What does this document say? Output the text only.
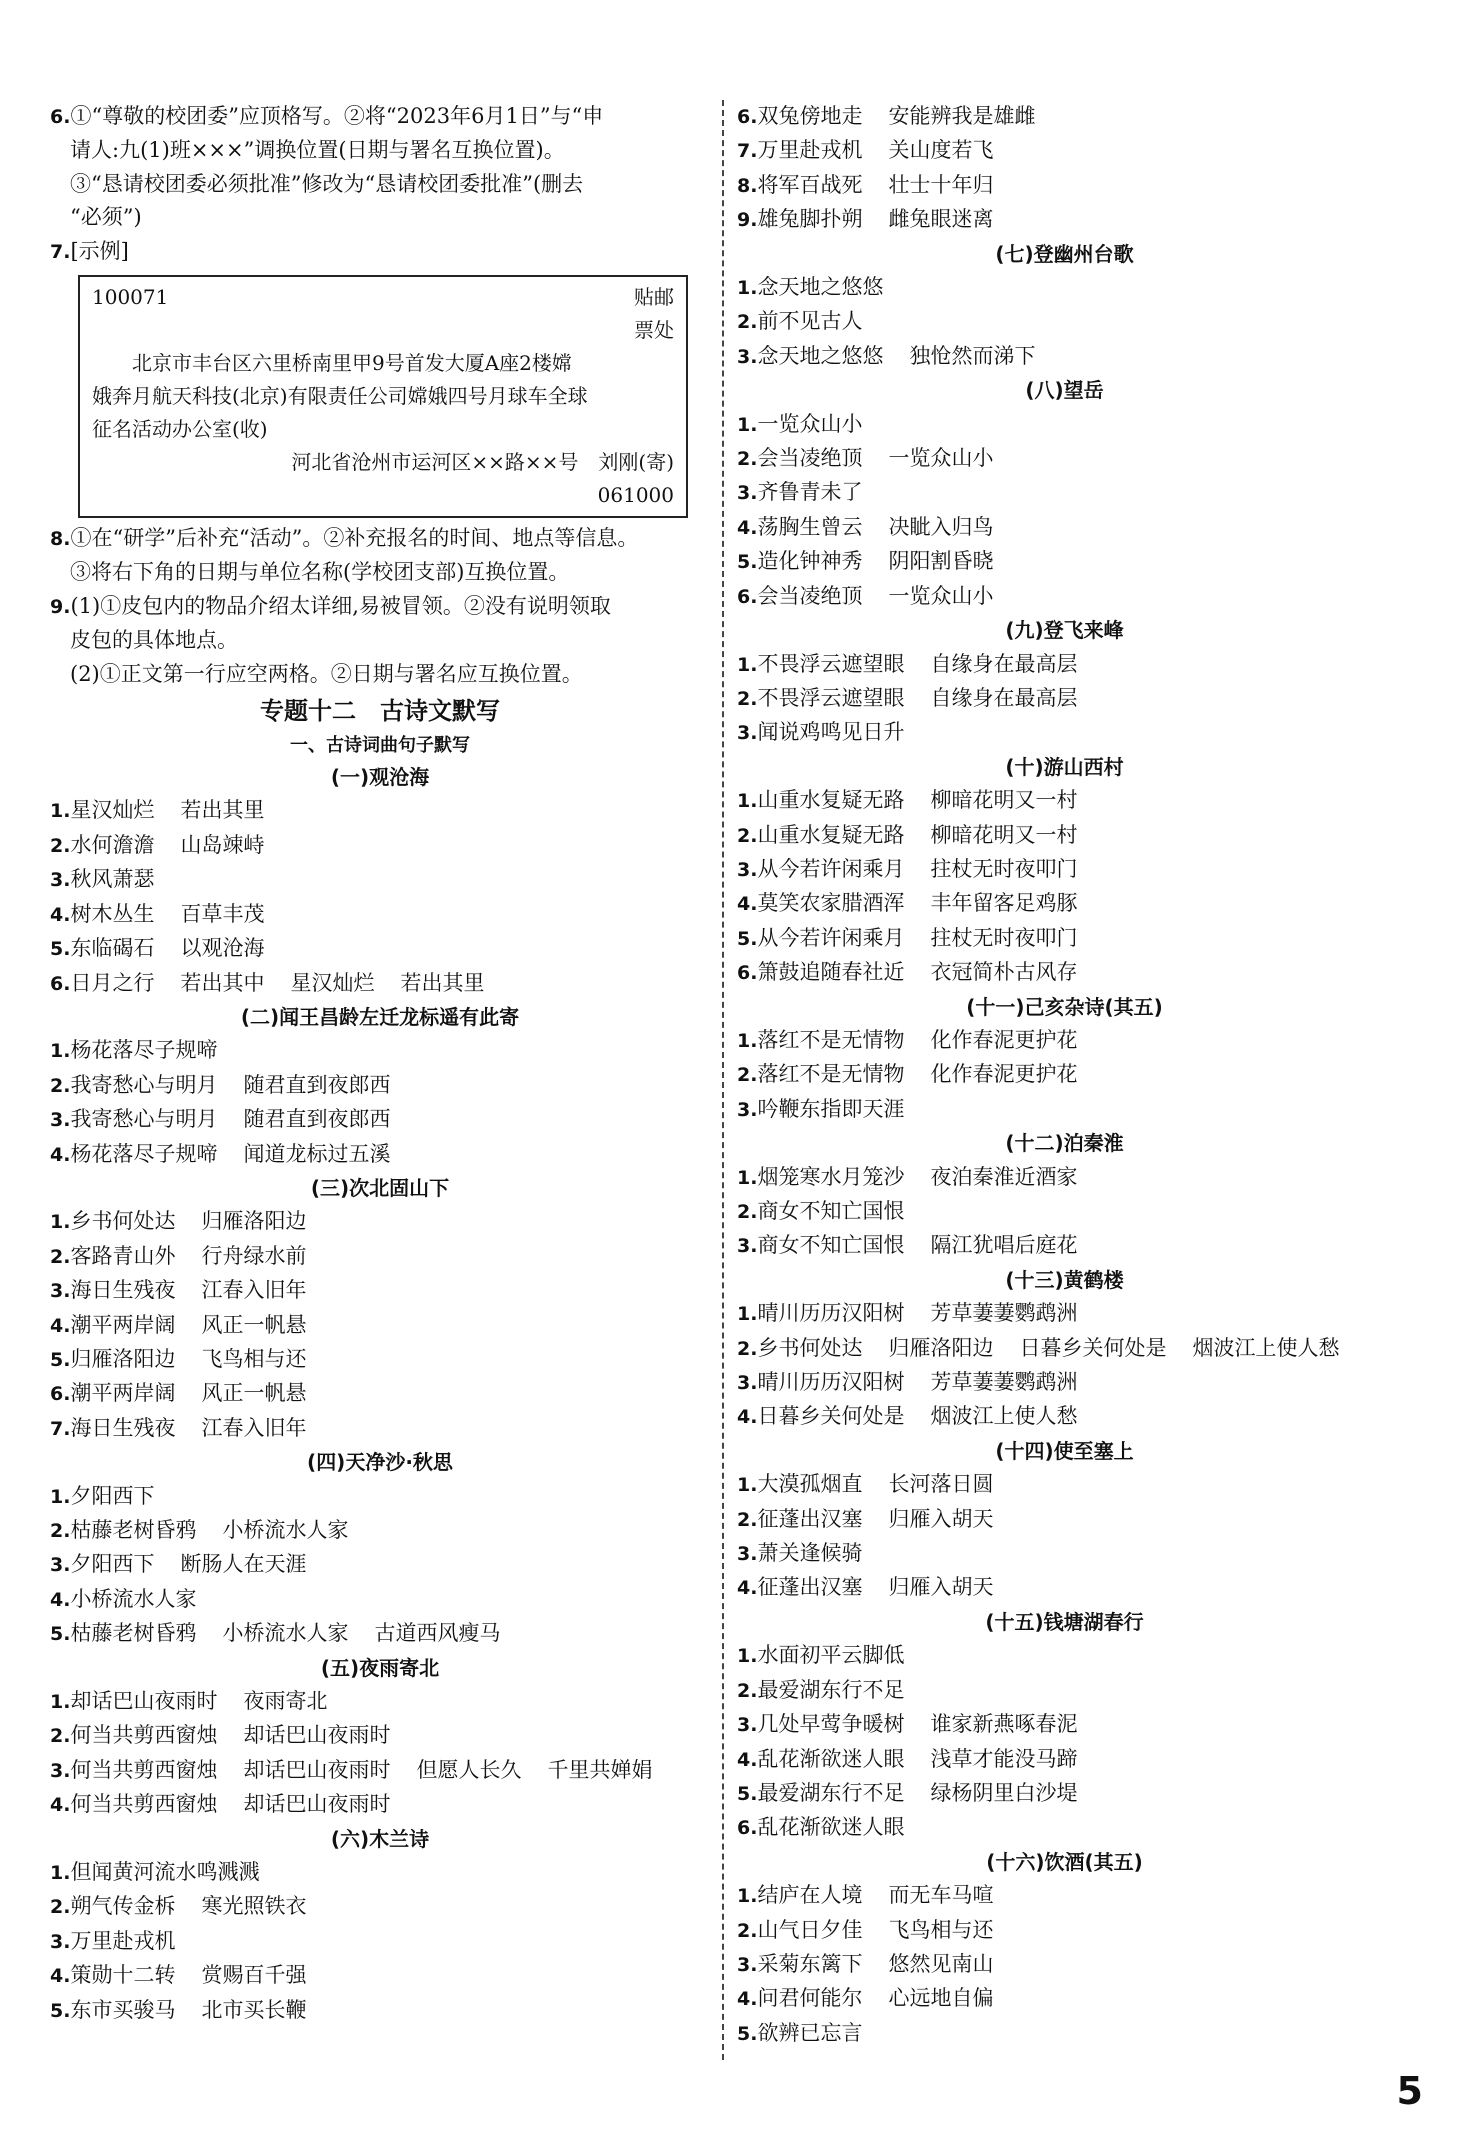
6.①“尊敬的校团委”应顶格写。②将“2023年6月1日”与“申
请人:九(1)班×××”调换位置(日期与署名互换位置)。
③“恳请校团委必须批准”修改为“恳请校团委批准”(删去
“必须”)
7.[示例]
100071	贴邮
票处
北京市丰台区六里桥南里甲9号首发大厦A座2楼嫦
娥奔月航天科技(北京)有限责任公司嫦娥四号月球车全球
征名活动办公室(收)
河北省沧州市运河区××路××号　刘刚(寄)
061000
8.①在“研学”后补充“活动”。②补充报名的时间、地点等信息。
③将右下角的日期与单位名称(学校团支部)互换位置。
9.(1)①皮包内的物品介绍太详细,易被冒领。②没有说明领取
皮包的具体地点。
(2)①正文第一行应空两格。②日期与署名应互换位置。
专题十二　古诗文默写
一、古诗词曲句子默写
(一)观沧海
1.星汉灿烂 若出其里
2.水何澹澹 山岛竦峙
3.秋风萧瑟
4.树木丛生 百草丰茂
5.东临碣石 以观沧海
6.日月之行 若出其中 星汉灿烂 若出其里
(二)闻王昌龄左迁龙标遥有此寄
1.杨花落尽子规啼
2.我寄愁心与明月 随君直到夜郎西
3.我寄愁心与明月 随君直到夜郎西
4.杨花落尽子规啼 闻道龙标过五溪
(三)次北固山下
1.乡书何处达 归雁洛阳边
2.客路青山外 行舟绿水前
3.海日生残夜 江春入旧年
4.潮平两岸阔 风正一帆悬
5.归雁洛阳边 飞鸟相与还
6.潮平两岸阔 风正一帆悬
7.海日生残夜 江春入旧年
(四)天净沙·秋思
1.夕阳西下
2.枯藤老树昏鸦 小桥流水人家
3.夕阳西下 断肠人在天涯
4.小桥流水人家
5.枯藤老树昏鸦 小桥流水人家 古道西风瘦马
(五)夜雨寄北
1.却话巴山夜雨时 夜雨寄北
2.何当共剪西窗烛 却话巴山夜雨时
3.何当共剪西窗烛 却话巴山夜雨时 但愿人长久 千里共婵娟
4.何当共剪西窗烛 却话巴山夜雨时
(六)木兰诗
1.但闻黄河流水鸣溅溅
2.朔气传金柝 寒光照铁衣
3.万里赴戎机
4.策勋十二转 赏赐百千强
5.东市买骏马 北市买长鞭
6.双兔傍地走 安能辨我是雄雌
7.万里赴戎机 关山度若飞
8.将军百战死 壮士十年归
9.雄兔脚扑朔 雌兔眼迷离
(七)登幽州台歌
1.念天地之悠悠
2.前不见古人
3.念天地之悠悠 独怆然而涕下
(八)望岳
1.一览众山小
2.会当凌绝顶 一览众山小
3.齐鲁青未了
4.荡胸生曾云 决眦入归鸟
5.造化钟神秀 阴阳割昏晓
6.会当凌绝顶 一览众山小
(九)登飞来峰
1.不畏浮云遮望眼 自缘身在最高层
2.不畏浮云遮望眼 自缘身在最高层
3.闻说鸡鸣见日升
(十)游山西村
1.山重水复疑无路 柳暗花明又一村
2.山重水复疑无路 柳暗花明又一村
3.从今若许闲乘月 拄杖无时夜叩门
4.莫笑农家腊酒浑 丰年留客足鸡豚
5.从今若许闲乘月 拄杖无时夜叩门
6.箫鼓追随春社近 衣冠简朴古风存
(十一)己亥杂诗(其五)
1.落红不是无情物 化作春泥更护花
2.落红不是无情物 化作春泥更护花
3.吟鞭东指即天涯
(十二)泊秦淮
1.烟笼寒水月笼沙 夜泊秦淮近酒家
2.商女不知亡国恨
3.商女不知亡国恨 隔江犹唱后庭花
(十三)黄鹤楼
1.晴川历历汉阳树 芳草萋萋鹦鹉洲
2.乡书何处达 归雁洛阳边 日暮乡关何处是 烟波江上使人愁
3.晴川历历汉阳树 芳草萋萋鹦鹉洲
4.日暮乡关何处是 烟波江上使人愁
(十四)使至塞上
1.大漠孤烟直 长河落日圆
2.征蓬出汉塞 归雁入胡天
3.萧关逢候骑
4.征蓬出汉塞 归雁入胡天
(十五)钱塘湖春行
1.水面初平云脚低
2.最爱湖东行不足
3.几处早莺争暖树 谁家新燕啄春泥
4.乱花渐欲迷人眼 浅草才能没马蹄
5.最爱湖东行不足 绿杨阴里白沙堤
6.乱花渐欲迷人眼
(十六)饮酒(其五)
1.结庐在人境 而无车马喧
2.山气日夕佳 飞鸟相与还
3.采菊东篱下 悠然见南山
4.问君何能尔 心远地自偏
5.欲辨已忘言
5
